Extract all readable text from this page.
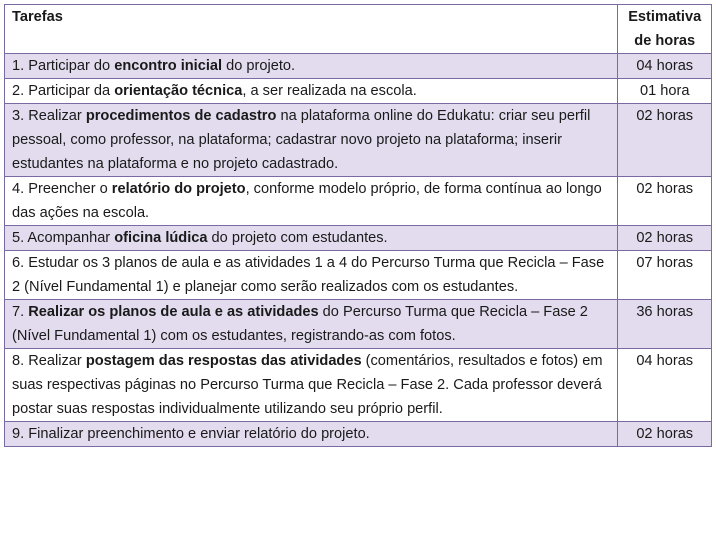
Tarefas	Estimativa
de horas
1. Participar do encontro inicial do projeto.	04 horas
2. Participar da orientação técnica, a ser realizada na escola.	01 hora
3. Realizar procedimentos de cadastro na plataforma online do Edukatu: criar seu perfil pessoal, como professor, na plataforma; cadastrar novo projeto na plataforma; inserir estudantes na plataforma e no projeto cadastrado.	02 horas
4. Preencher o relatório do projeto, conforme modelo próprio, de forma contínua ao longo das ações na escola.	02 horas
5. Acompanhar oficina lúdica do projeto com estudantes.	02 horas
6. Estudar os 3 planos de aula e as atividades 1 a 4 do Percurso Turma que Recicla – Fase 2 (Nível Fundamental 1) e planejar como serão realizados com os estudantes.	07 horas
7. Realizar os planos de aula e as atividades do Percurso Turma que Recicla – Fase 2 (Nível Fundamental 1) com os estudantes, registrando-as com fotos.	36 horas
8. Realizar postagem das respostas das atividades (comentários, resultados e fotos) em suas respectivas páginas no Percurso Turma que Recicla – Fase 2. Cada professor deverá postar suas respostas individualmente utilizando seu próprio perfil.	04 horas
9. Finalizar preenchimento e enviar relatório do projeto.	02 horas
